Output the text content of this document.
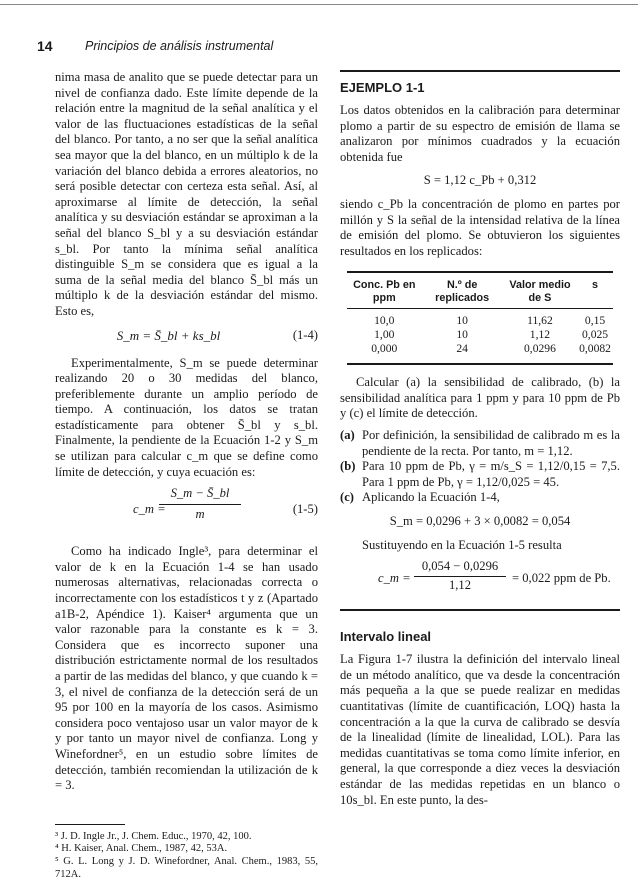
14	Principios de análisis instrumental

nima masa de analito que se puede detectar para un nivel de confianza dado. Este límite depende de la relación entre la magnitud de la señal analítica y el valor de las fluctuaciones estadísticas de la señal del blanco. Por tanto, a no ser que la señal analítica sea mayor que la del blanco, en un múltiplo k de la variación del blanco debida a errores aleatorios, no será posible detectar con certeza esta señal. Así, al aproximarse al límite de detección, la señal analítica y su desviación estándar se aproximan a la señal del blanco S_bl y a su desviación estándar s_bl. Por tanto la mínima señal analítica distinguible S_m se considera que es igual a la suma de la señal media del blanco S̄_bl más un múltiplo k de la desviación estándar del mismo. Esto es,

S_m = S̄_bl + ks_bl	(1-4)

Experimentalmente, S_m se puede determinar realizando 20 o 30 medidas del blanco, preferiblemente durante un amplio período de tiempo. A continuación, los datos se tratan estadísticamente para obtener S̄_bl y s_bl. Finalmente, la pendiente de la Ecuación 1-2 y S_m se utilizan para calcular c_m que se define como límite de detección, y cuya ecuación es:

c_m =
$\frac{S\_m - S̄\_bl}{m}$	(1-5)

Como ha indicado Ingle³, para determinar el valor de k en la Ecuación 1-4 se han usado numerosas alternativas, relacionadas correcta o incorrectamente con los estadísticos t y z (Apartado a1B-2, Apéndice 1). Kaiser⁴ argumenta que un valor razonable para la constante es k = 3. Considera que es incorrecto suponer una distribución estrictamente normal de los resultados a partir de las medidas del blanco, y que cuando k = 3, el nivel de confianza de la detección será de un 95 por 100 en la mayoría de los casos. Asimismo considera poco ventajoso usar un valor mayor de k y por tanto un mayor nivel de confianza. Long y Winefordner⁵, en un estudio sobre límites de detección, también recomiendan la utilización de k = 3.

³ J. D. Ingle Jr., J. Chem. Educ., 1970, 42, 100.

⁴ H. Kaiser, Anal. Chem., 1987, 42, 53A.

⁵ G. L. Long y J. D. Winefordner, Anal. Chem., 1983, 55, 712A.

EJEMPLO 1-1

Los datos obtenidos en la calibración para determinar plomo a partir de su espectro de emisión de llama se analizaron por mínimos cuadrados y la ecuación obtenida fue

S = 1,12 c_Pb + 0,312

siendo c_Pb la concentración de plomo en partes por millón y S la señal de la intensidad relativa de la línea de emisión del plomo. Se obtuvieron los siguientes resultados en los replicados:

Conc. Pb en ppm	N.º de replicados	Valor medio de S	s
10,0	10	11,62	0,15
1,00	10	1,12	0,025
0,000	24	0,0296	0,0082

Calcular (a) la sensibilidad de calibrado, (b) la sensibilidad analítica para 1 ppm y para 10 ppm de Pb y (c) el límite de detección.

(a) Por definición, la sensibilidad de calibrado m es la pendiente de la recta. Por tanto, m = 1,12.
(b) Para 10 ppm de Pb, γ = m/s_S = 1,12/0,15 = 7,5. Para 1 ppm de Pb, γ = 1,12/0,025 = 45.
(c) Aplicando la Ecuación 1-4,
S_m = 0,0296 + 3 × 0,0082 = 0,054

Sustituyendo en la Ecuación 1-5 resulta

c_m = $\frac{0,054 - 0,0296}{1,12} = 0,022$ ppm de Pb.
Intervalo lineal

La Figura 1-7 ilustra la definición del intervalo lineal de un método analítico, que va desde la concentración más pequeña a la que se puede realizar en medidas cuantitativas (límite de cuantificación, LOQ) hasta la concentración a la que la curva de calibrado se desvía de la linealidad (límite de linealidad, LOL). Para las medidas cuantitativas se toma como límite inferior, en general, la que corresponde a diez veces la desviación estándar de las medidas repetidas en un blanco o 10s_bl. En este punto, la des-
